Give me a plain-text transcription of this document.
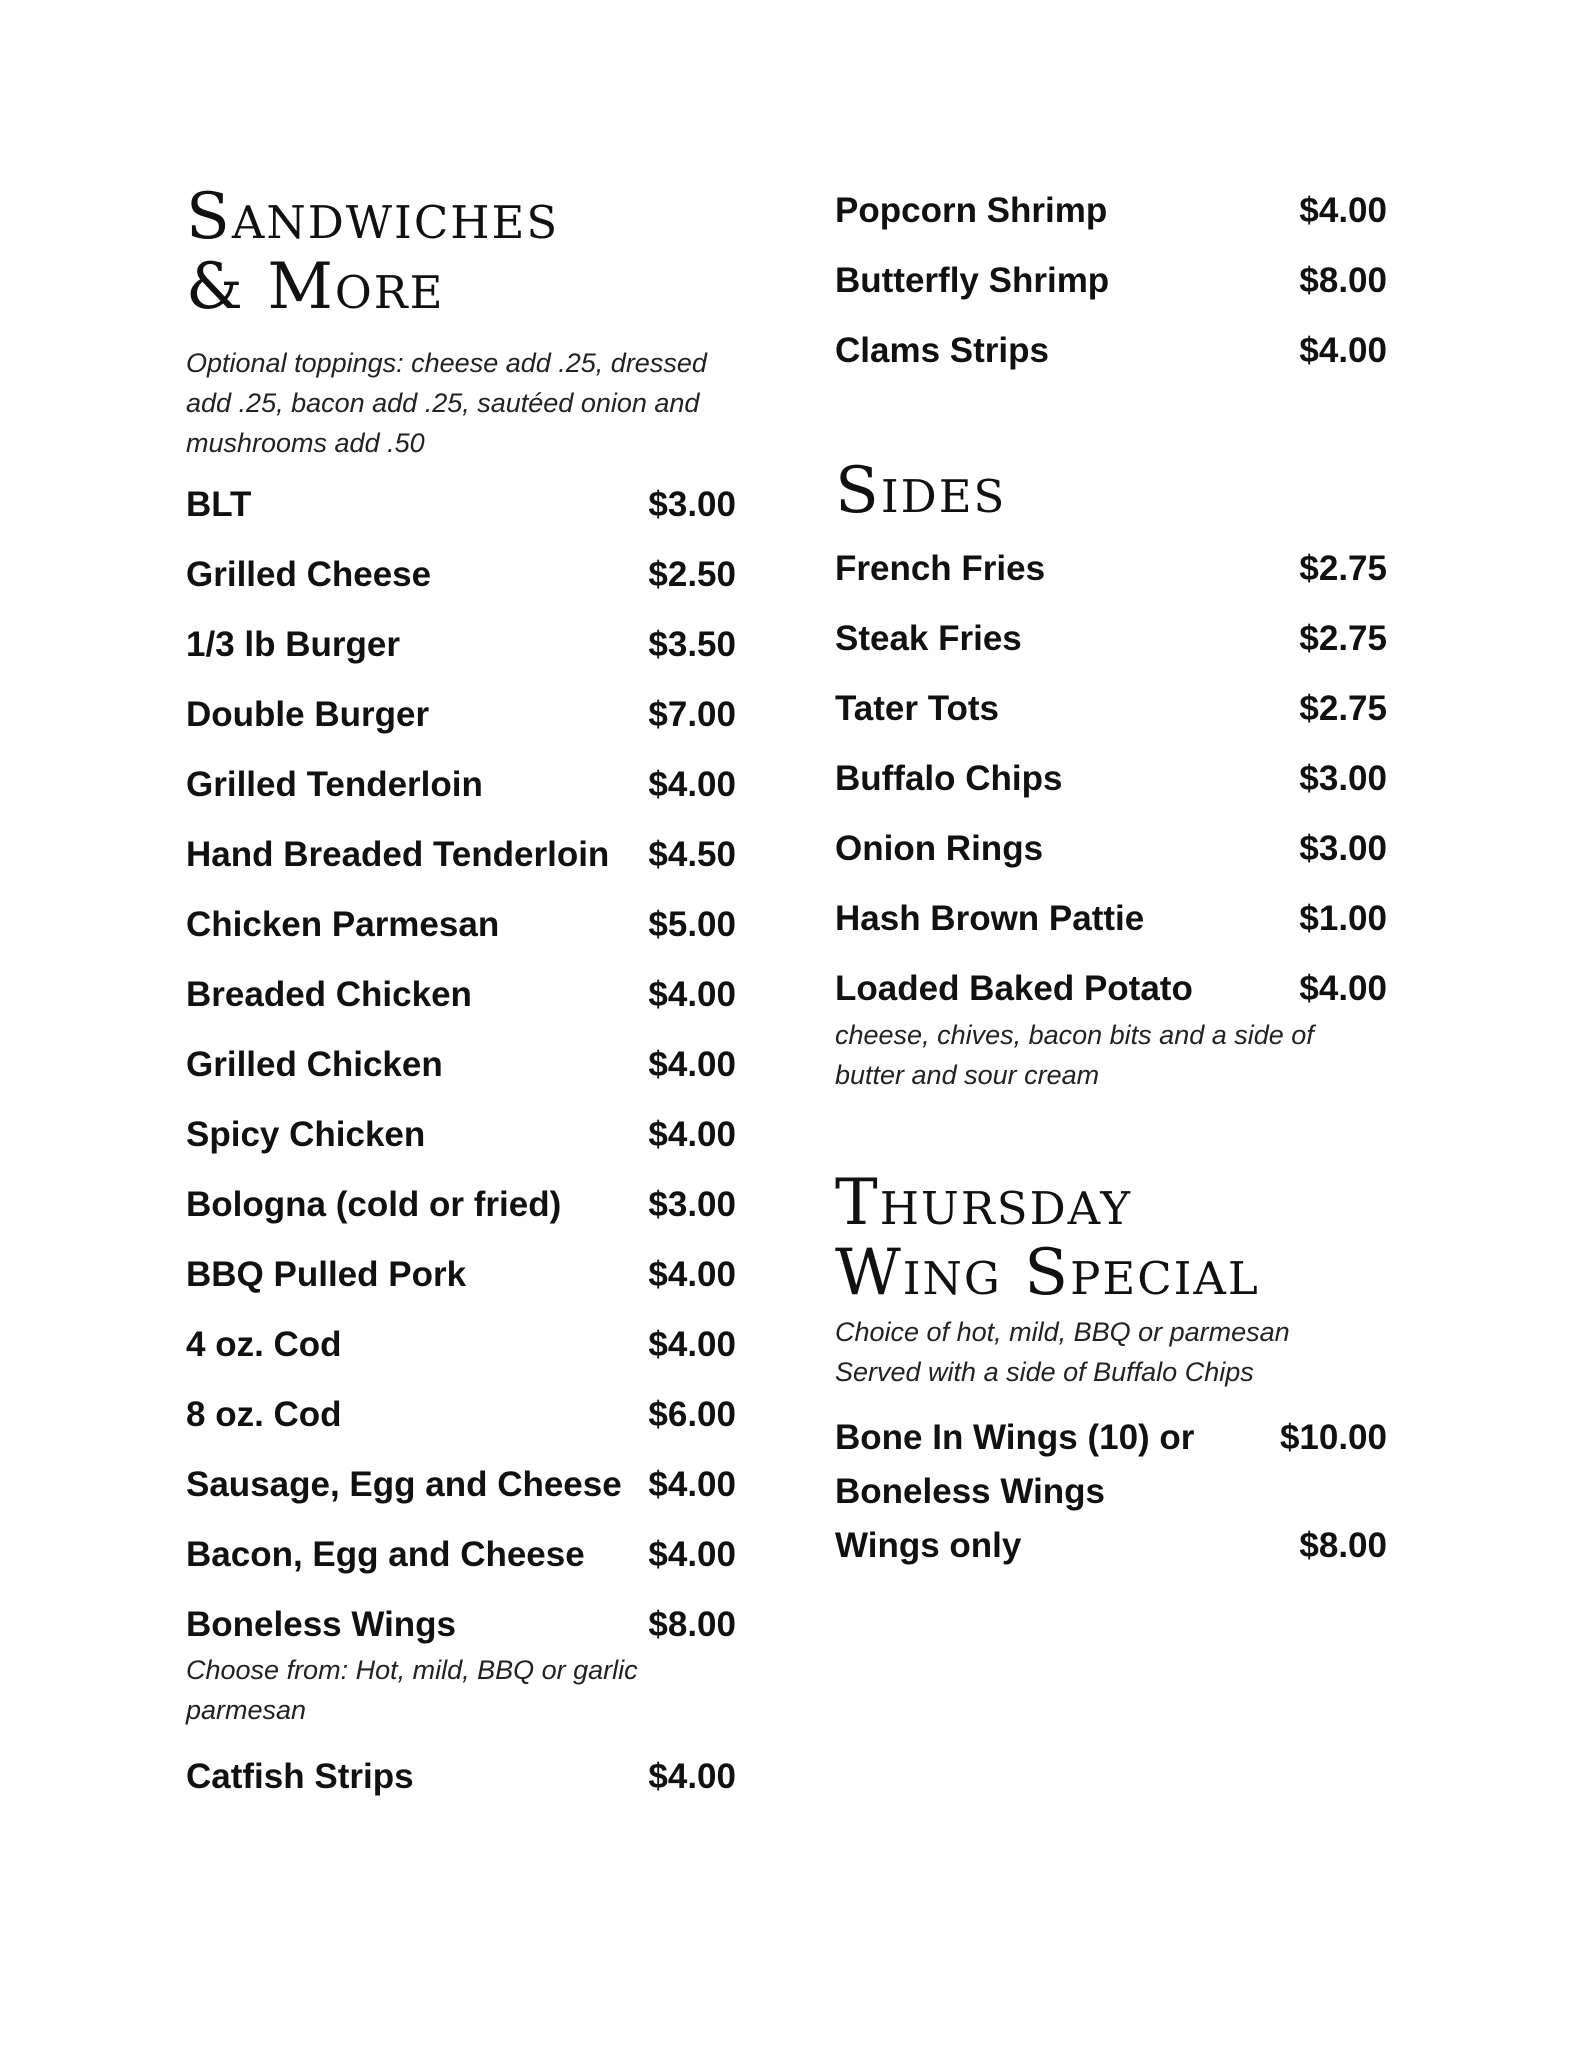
Sandwiches
& More

Optional toppings: cheese add .25, dressed
add .25, bacon add .25, sautéed onion and
mushrooms add .50

BLT	$3.00
Grilled Cheese	$2.50
1/3 lb Burger	$3.50
Double Burger	$7.00
Grilled Tenderloin	$4.00
Hand Breaded Tenderloin $4.50
Chicken Parmesan	$5.00
Breaded Chicken	$4.00
Grilled Chicken	$4.00
Spicy Chicken	$4.00
Bologna (cold or fried) $3.00
BBQ Pulled Pork	$4.00
4 oz. Cod	$4.00
8 oz. Cod	$6.00
Sausage, Egg and Cheese $4.00
Bacon, Egg and Cheese $4.00
Boneless Wings	$8.00

Choose from: Hot, mild, BBQ or garlic
parmesan

Catfish Strips	$4.00
Popcorn Shrimp	$4.00
Butterfly Shrimp	$8.00
Clams Strips	$4.00
Sides
French Fries	$2.75
Steak Fries	$2.75
Tater Tots	$2.75
Buffalo Chips	$3.00
Onion Rings	$3.00
Hash Brown Pattie	$1.00
Loaded Baked Potato	$4.00

cheese, chives, bacon bits and a side of
butter and sour cream

Thursday
Wing Special

Choice of hot, mild, BBQ or parmesan
Served with a side of Buffalo Chips

Bone In Wings (10) or $10.00
Boneless Wings
Wings only	$8.00
